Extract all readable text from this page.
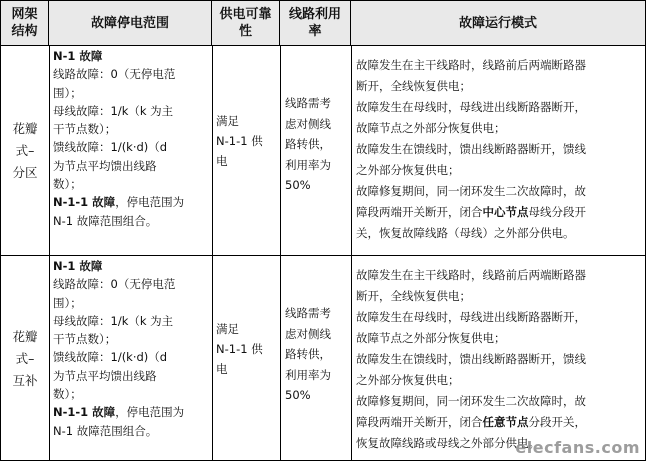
网架结构
故障停电范围
供电可靠性
线路利用率
故障运行模式
花瓣
式–
分区
N-1 故障
线路故障：0（无停电范
围）；
母线故障：1/k（k 为主
干节点数）；
馈线故障：1/(k·d)（d
为节点平均馈出线路
数）；
N-1-1 故障，停电范围为
N-1 故障范围组合。
满足
N-1-1 供
电
线路需考
虑对侧线
路转供，
利用率为
50%
故障发生在主干线路时，线路前后两端断路器
断开，全线恢复供电；
故障发生在母线时，母线进出线断路器断开，
故障节点之外部分恢复供电；
故障发生在馈线时，馈出线断路器断开，馈线
之外部分恢复供电；
故障修复期间，同一闭环发生二次故障时，故
障段两端开关断开，闭合中心节点母线分段开
关，恢复故障线路（母线）之外部分供电。
花瓣
式–
互补
N-1 故障
线路故障：0（无停电范
围）；
母线故障：1/k（k 为主
干节点数）；
馈线故障：1/(k·d)（d
为节点平均馈出线路
数）；
N-1-1 故障，停电范围为
N-1 故障范围组合。
满足
N-1-1 供
电
线路需考
虑对侧线
路转供，
利用率为
50%
故障发生在主干线路时，线路前后两端断路器
断开，全线恢复供电；
故障发生在母线时，母线进出线断路器断开，
故障节点之外部分恢复供电；
故障发生在馈线时，馈出线断路器断开，馈线
之外部分恢复供电；
故障修复期间，同一闭环发生二次故障时，故
障段两端开关断开，闭合任意节点分段开关，
恢复故障线路或母线之外部分供电。
elecfans.com
